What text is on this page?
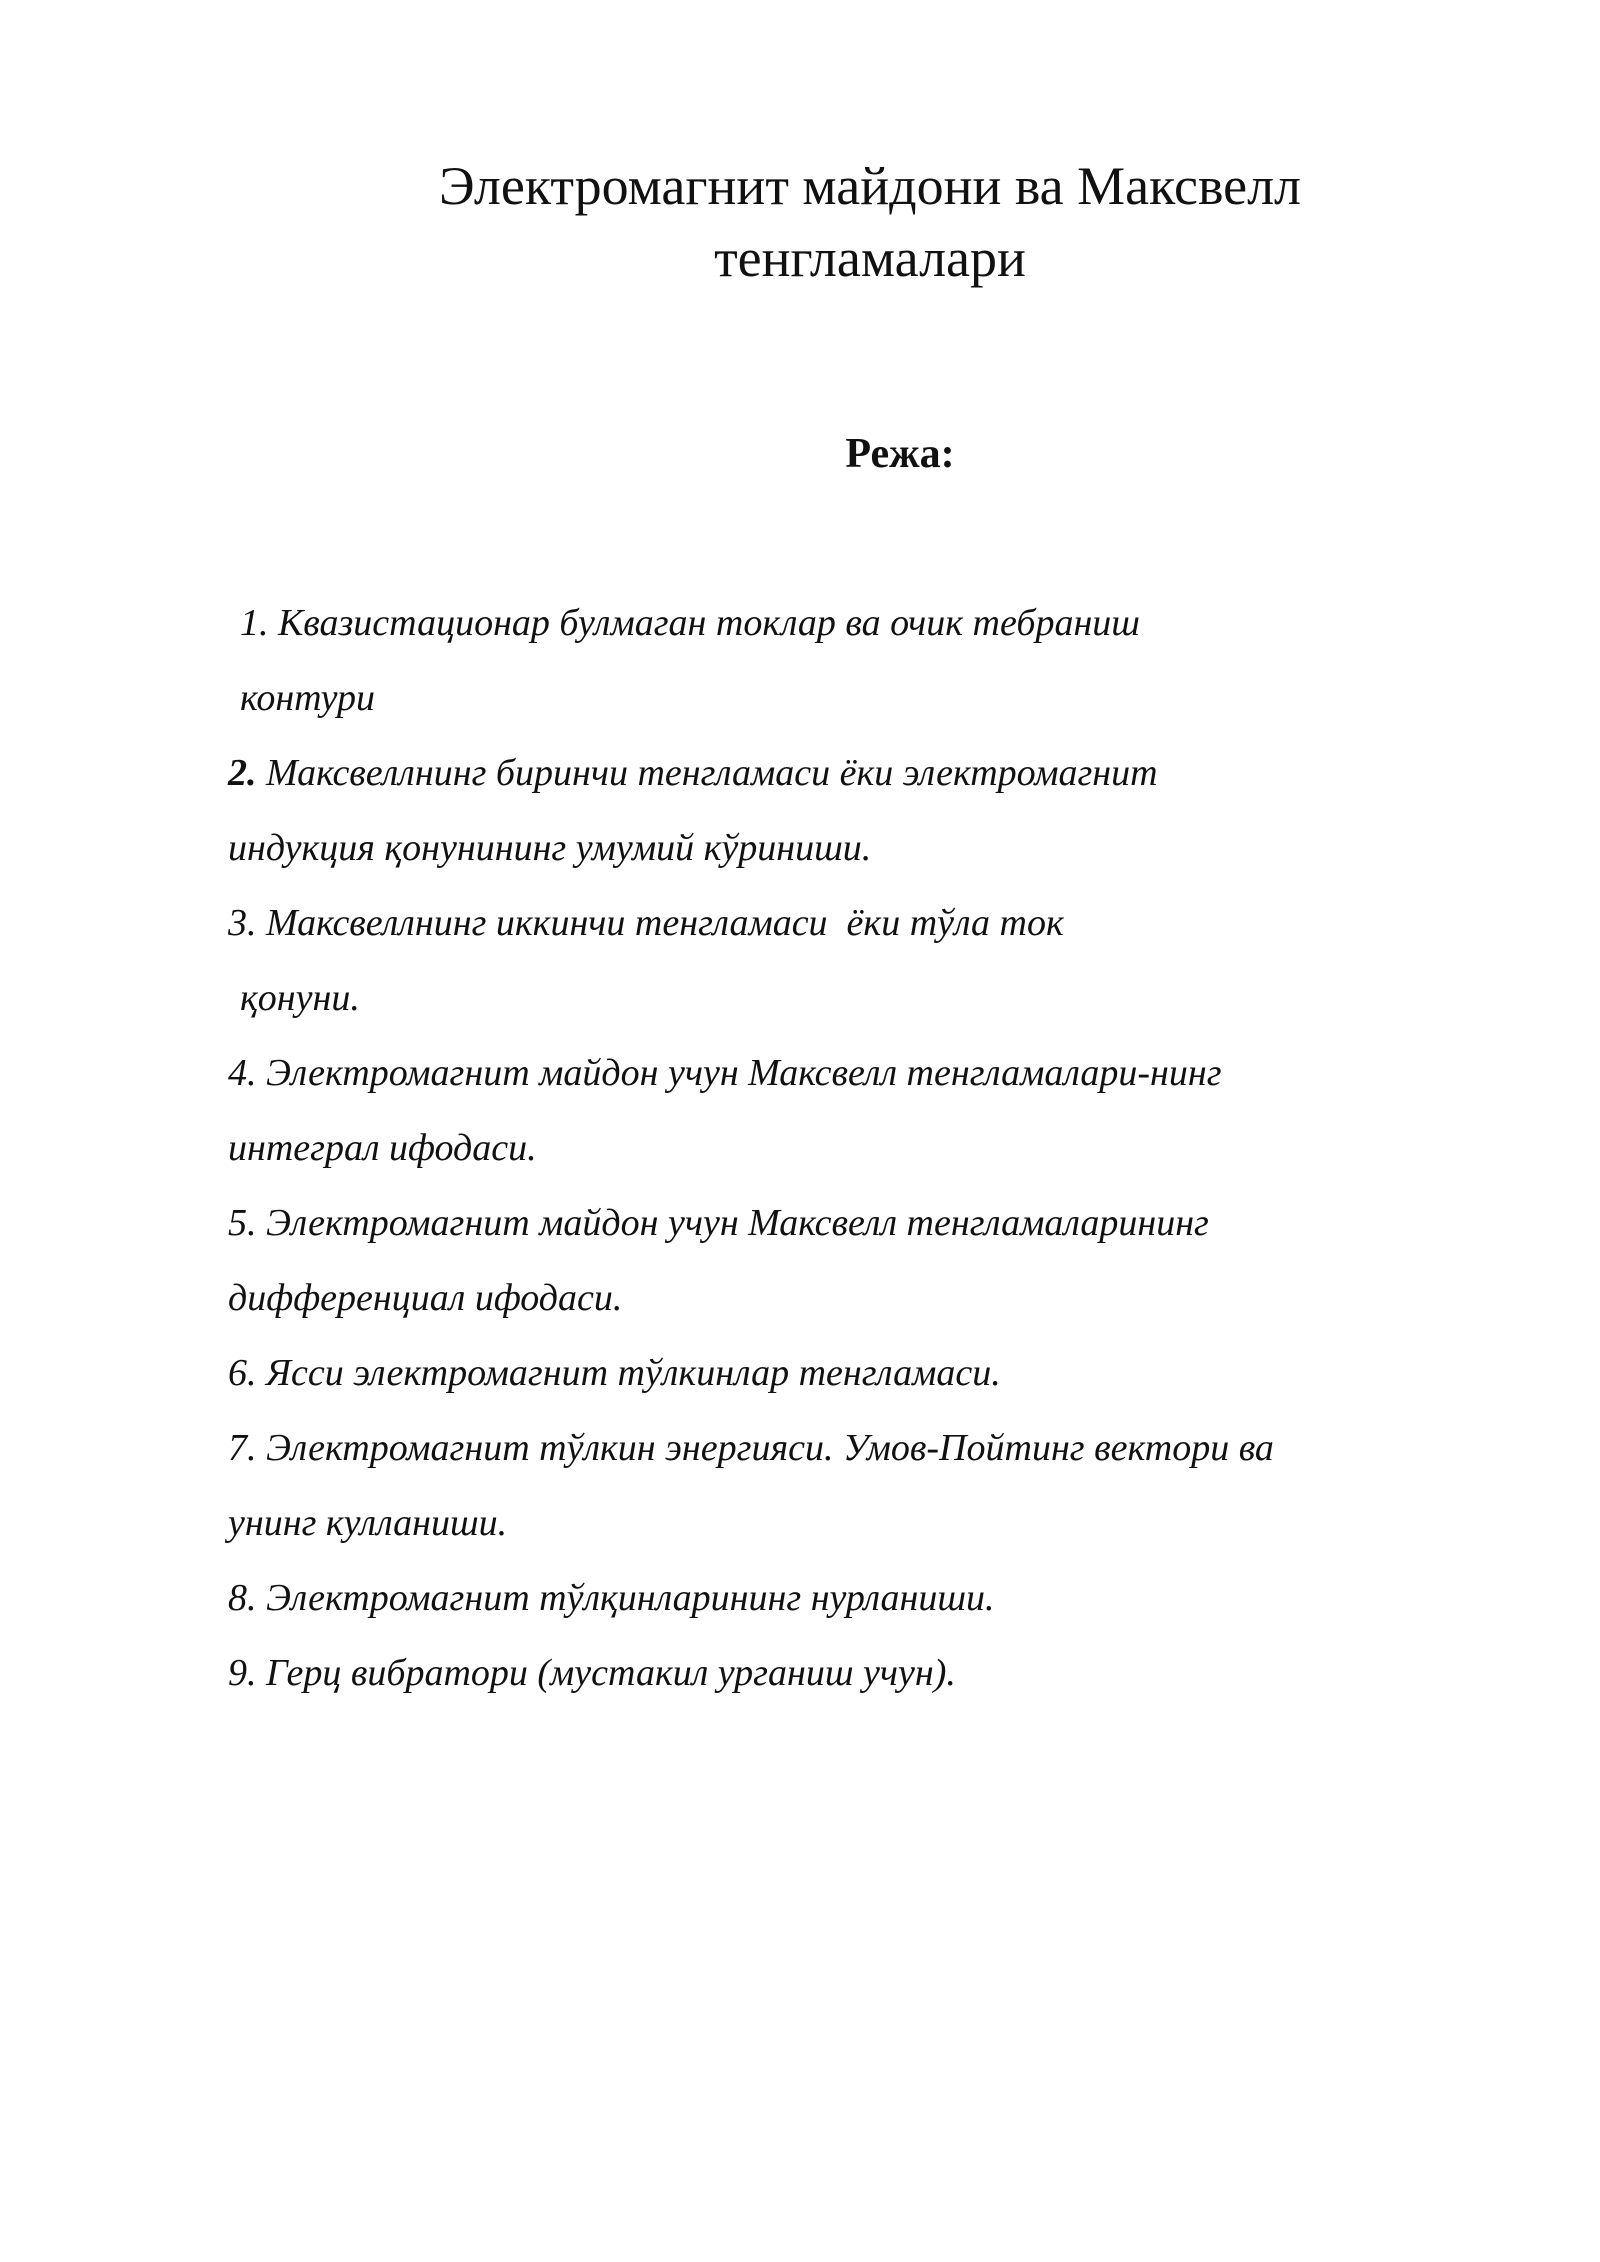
Электромагнит майдони ва Максвелл
тенгламалари
Режа:
1. Квазистационар булмаган токлар ва очик тебраниш
контури
2. Максвеллнинг биринчи тенгламаси ёки электромагнит
индукция қонунининг умумий кўриниши.
3. Максвеллнинг иккинчи тенгламаси  ёки тўла ток
қонуни.
4. Электромагнит майдон учун Максвелл тенгламалари-нинг
интеграл ифодаси.
5. Электромагнит майдон учун Максвелл тенгламаларининг
дифференциал ифодаси.
6. Ясси электромагнит тўлкинлар тенгламаси.
7. Электромагнит тўлкин энергияси. Умов-Пойтинг вектори ва
унинг кулланиши.
8. Электромагнит тўлқинларининг нурланиши.
9. Герц вибратори (мустакил урганиш учун).
